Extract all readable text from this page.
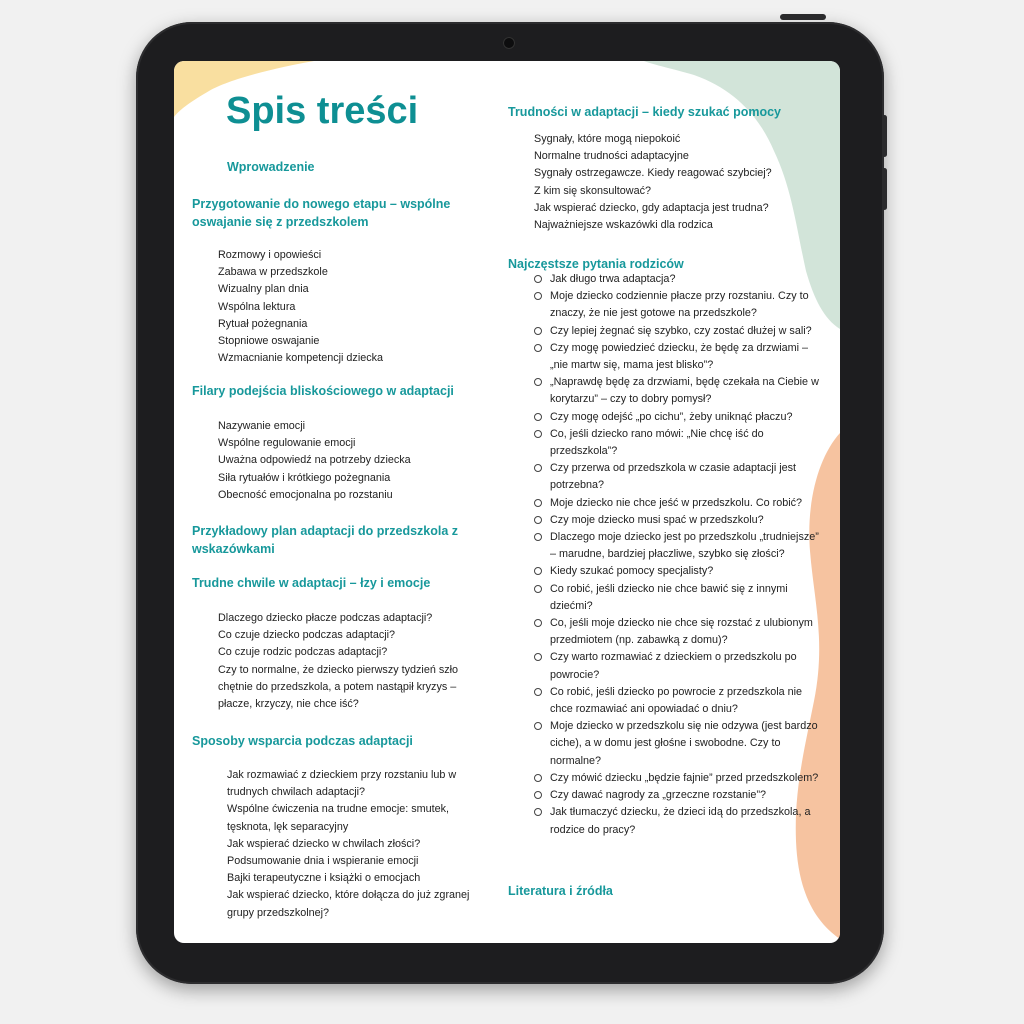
Spis treści
Wprowadzenie
Przygotowanie do nowego etapu – wspólne oswajanie się z przedszkolem
Rozmowy i opowieści
Zabawa w przedszkole
Wizualny plan dnia
Wspólna lektura
Rytuał pożegnania
Stopniowe oswajanie
Wzmacnianie kompetencji dziecka
Filary podejścia bliskościowego w adaptacji
Nazywanie emocji
Wspólne regulowanie emocji
Uważna odpowiedź na potrzeby dziecka
Siła rytuałów i krótkiego pożegnania
Obecność emocjonalna po rozstaniu
Przykładowy plan adaptacji do przedszkola z wskazówkami
Trudne chwile w adaptacji – łzy i emocje
Dlaczego dziecko płacze podczas adaptacji?
Co czuje dziecko podczas adaptacji?
Co czuje rodzic podczas adaptacji?
Czy to normalne, że dziecko pierwszy tydzień szło chętnie do przedszkola, a potem nastąpił kryzys – płacze, krzyczy, nie chce iść?
Sposoby wsparcia podczas adaptacji
Jak rozmawiać z dzieckiem przy rozstaniu lub w trudnych chwilach adaptacji?
Wspólne ćwiczenia na trudne emocje: smutek, tęsknota, lęk separacyjny
Jak wspierać dziecko w chwilach złości?
Podsumowanie dnia i wspieranie emocji
Bajki terapeutyczne i książki o emocjach
Jak wspierać dziecko, które dołącza do już zgranej grupy przedszkolnej?
Trudności w adaptacji – kiedy szukać pomocy
Sygnały, które mogą niepokoić
Normalne trudności adaptacyjne
Sygnały ostrzegawcze. Kiedy reagować szybciej?
Z kim się skonsultować?
Jak wspierać dziecko, gdy adaptacja jest trudna?
Najważniejsze wskazówki dla rodzica
Najczęstsze pytania rodziców
Jak długo trwa adaptacja?
Moje dziecko codziennie płacze przy rozstaniu. Czy to znaczy, że nie jest gotowe na przedszkole?
Czy lepiej żegnać się szybko, czy zostać dłużej w sali?
Czy mogę powiedzieć dziecku, że będę za drzwiami – „nie martw się, mama jest blisko”?
„Naprawdę będę za drzwiami, będę czekała na Ciebie w korytarzu” – czy to dobry pomysł?
Czy mogę odejść „po cichu”, żeby uniknąć płaczu?
Co, jeśli dziecko rano mówi: „Nie chcę iść do przedszkola”?
Czy przerwa od przedszkola w czasie adaptacji jest potrzebna?
Moje dziecko nie chce jeść w przedszkolu. Co robić?
Czy moje dziecko musi spać w przedszkolu?
Dlaczego moje dziecko jest po przedszkolu „trudniejsze” – marudne, bardziej płaczliwe, szybko się złości?
Kiedy szukać pomocy specjalisty?
Co robić, jeśli dziecko nie chce bawić się z innymi dziećmi?
Co, jeśli moje dziecko nie chce się rozstać z ulubionym przedmiotem (np. zabawką z domu)?
Czy warto rozmawiać z dzieckiem o przedszkolu po powrocie?
Co robić, jeśli dziecko po powrocie z przedszkola nie chce rozmawiać ani opowiadać o dniu?
Moje dziecko w przedszkolu się nie odzywa (jest bardzo ciche), a w domu jest głośne i swobodne. Czy to normalne?
Czy mówić dziecku „będzie fajnie” przed przedszkolem?
Czy dawać nagrody za „grzeczne rozstanie”?
Jak tłumaczyć dziecku, że dzieci idą do przedszkola, a rodzice do pracy?
Literatura i źródła
